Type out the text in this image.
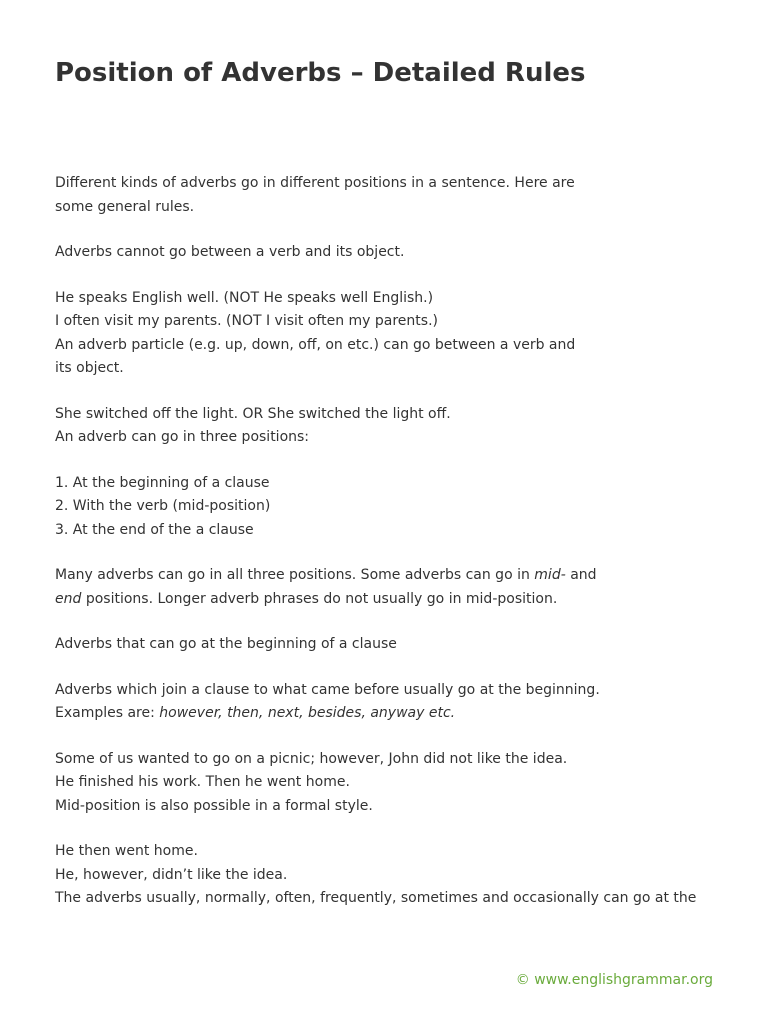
Position of Adverbs – Detailed Rules

Different kinds of adverbs go in different positions in a sentence. Here are
some general rules.

Adverbs cannot go between a verb and its object.

He speaks English well. (NOT He speaks well English.)
I often visit my parents. (NOT I visit often my parents.)
An adverb particle (e.g. up, down, off, on etc.) can go between a verb and
its object.

She switched off the light. OR She switched the light off.
An adverb can go in three positions:

1. At the beginning of a clause
2. With the verb (mid-position)
3. At the end of the a clause

Many adverbs can go in all three positions. Some adverbs can go in mid- and
end positions. Longer adverb phrases do not usually go in mid-position.

Adverbs that can go at the beginning of a clause

Adverbs which join a clause to what came before usually go at the beginning.
Examples are: however, then, next, besides, anyway etc.

Some of us wanted to go on a picnic; however, John did not like the idea.
He finished his work. Then he went home.
Mid-position is also possible in a formal style.

He then went home.
He, however, didn’t like the idea.
The adverbs usually, normally, often, frequently, sometimes and occasionally can go at the

© www.englishgrammar.org
